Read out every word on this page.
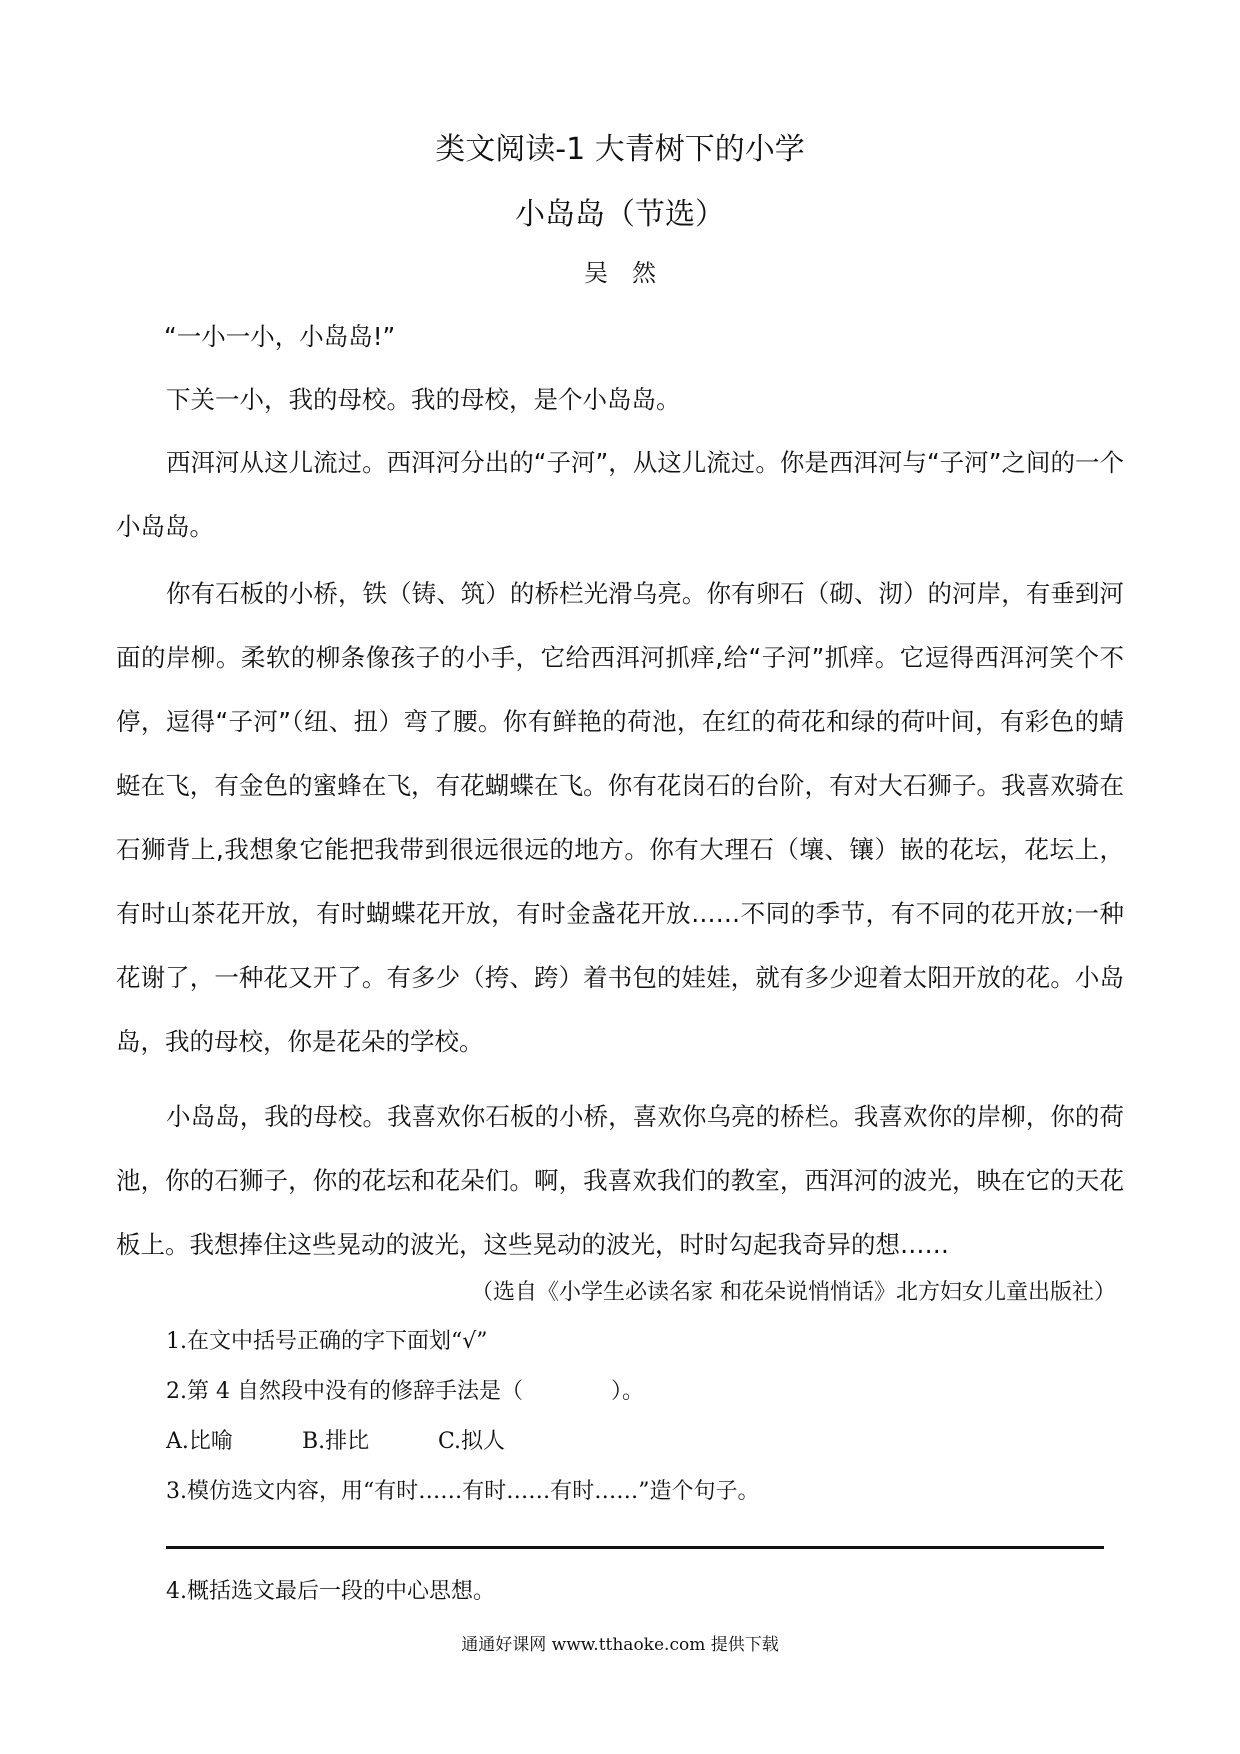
类文阅读-1 大青树下的小学
小岛岛（节选）
吴然

“一小一小，小岛岛!”

下关一小，我的母校。我的母校，是个小岛岛。

西洱河从这儿流过。西洱河分出的“子河”，从这儿流过。你是西洱河与“子河”之间的一个小岛岛。

你有石板的小桥，铁（铸、筑）的桥栏光滑乌亮。你有卵石（砌、沏）的河岸，有垂到河面的岸柳。柔软的柳条像孩子的小手，它给西洱河抓痒,给“子河”抓痒。它逗得西洱河笑个不停，逗得“子河”（纽、扭）弯了腰。你有鲜艳的荷池，在红的荷花和绿的荷叶间，有彩色的蜻蜓在飞，有金色的蜜蜂在飞，有花蝴蝶在飞。你有花岗石的台阶，有对大石狮子。我喜欢骑在石狮背上,我想象它能把我带到很远很远的地方。你有大理石（壤、镶）嵌的花坛，花坛上，有时山茶花开放，有时蝴蝶花开放，有时金盏花开放……不同的季节，有不同的花开放;一种花谢了，一种花又开了。有多少（挎、跨）着书包的娃娃，就有多少迎着太阳开放的花。小岛岛，我的母校，你是花朵的学校。

小岛岛，我的母校。我喜欢你石板的小桥，喜欢你乌亮的桥栏。我喜欢你的岸柳，你的荷池，你的石狮子，你的花坛和花朵们。啊，我喜欢我们的教室，西洱河的波光，映在它的天花板上。我想捧住这些晃动的波光，这些晃动的波光，时时勾起我奇异的想……

（选自《小学生必读名家 和花朵说悄悄话》北方妇女儿童出版社）
1.在文中括号正确的字下面划“√”
2.第 4 自然段中没有的修辞手法是（　　　　）。
A.比喻	B.排比	C.拟人
3.模仿选文内容，用“有时……有时……有时……”造个句子。
4.概括选文最后一段的中心思想。
通通好课网 www.tthaoke.com 提供下载
